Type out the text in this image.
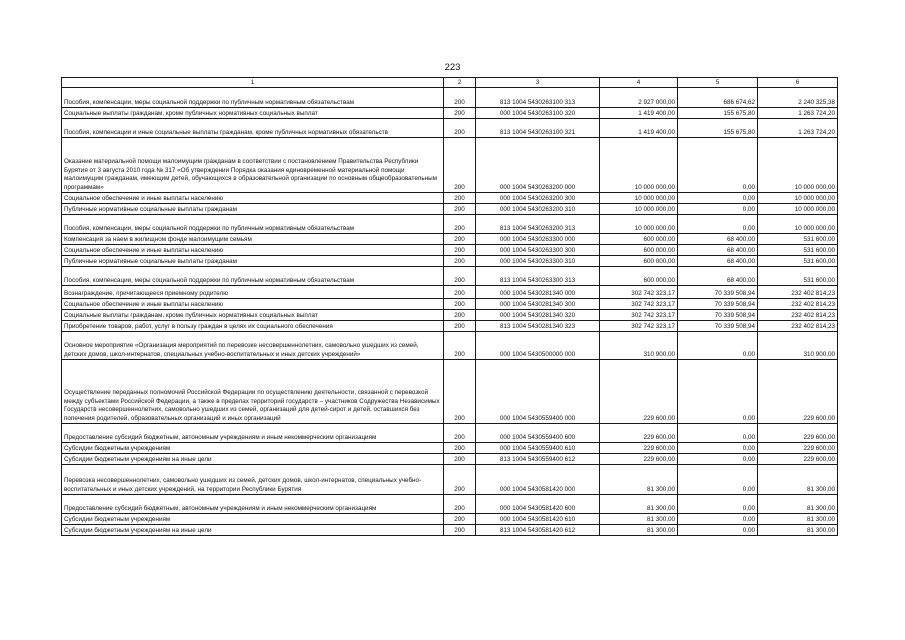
223
1	2	3	4	5	6

Пособия, компенсации, меры социальной поддержки по публичным нормативным обязательствам	200	813 1004 5430263100 313	2 927 000,00	686 674,62	2 240 325,38

Социальные выплаты гражданам, кроме публичных нормативных социальных выплат	200	000 1004 5430263100 320	1 419 400,00	155 675,80	1 263 724,20

Пособия, компенсации и иные социальные выплаты гражданам, кроме публичных нормативных обязательств	200	813 1004 5430263100 321	1 419 400,00	155 675,80	1 263 724,20

Оказание материальной помощи малоимущим гражданам в соответствии с постановлением Правительства Республики Бурятия от 3 августа 2010 года № 317 «Об утверждении Порядка оказания единовременной материальной помощи малоимущим гражданам, имеющим детей, обучающихся в образовательной организации по основным общеобразовательным программам»	200	000 1004 5430263200 000	10 000 000,00	0,00	10 000 000,00

Социальное обеспечение и иные выплаты населению	200	000 1004 5430263200 300	10 000 000,00	0,00	10 000 000,00

Публичные нормативные социальные выплаты гражданам	200	000 1004 5430263200 310	10 000 000,00	0,00	10 000 000,00

Пособия, компенсации, меры социальной поддержки по публичным нормативным обязательствам	200	813 1004 5430263200 313	10 000 000,00	0,00	10 000 000,00

Компенсация за наем в жилищном фонде малоимущим семьям	200	000 1004 5430263300 000	600 000,00	68 400,00	531 600,00

Социальное обеспечение и иные выплаты населению	200	000 1004 5430263300 300	600 000,00	68 400,00	531 600,00

Публичные нормативные социальные выплаты гражданам	200	000 1004 5430263300 310	600 000,00	68 400,00	531 600,00

Пособия, компенсации, меры социальной поддержки по публичным нормативным обязательствам	200	813 1004 5430263300 313	600 000,00	68 400,00	531 600,00

Вознаграждение, причитающееся приемному родителю	200	000 1004 5430281340 000	302 742 323,17	70 339 508,94	232 402 814,23

Социальное обеспечение и иные выплаты населению	200	000 1004 5430281340 300	302 742 323,17	70 339 508,94	232 402 814,23

Социальные выплаты гражданам, кроме публичных нормативных социальных выплат	200	000 1004 5430281340 320	302 742 323,17	70 339 508,94	232 402 814,23

Приобретение товаров, работ, услуг в пользу граждан в целях их социального обеспечения	200	813 1004 5430281340 323	302 742 323,17	70 339 508,94	232 402 814,23

Основное мероприятие «Организация мероприятий по перевозке несовершеннолетних, самовольно ушедших из семей, детских домов, школ-интернатов, специальных учебно-воспитательных и иных детских учреждений»	200	000 1004 5430500000 000	310 900,00	0,00	310 900,00

Осуществление переданных полномочий Российской Федерации по осуществлению деятельности, связанной с перевозкой между субъектами Российской Федерации, а также в пределах территорий государств – участников Содружества Независимых Государств несовершеннолетних, самовольно ушедших из семей, организаций для детей-сирот и детей, оставшихся без попечения родителей, образовательных организаций и иных организаций	200	000 1004 5430559400 000	229 600,00	0,00	229 600,00

Предоставление субсидий бюджетным, автономным учреждениям и иным некоммерческим организациям	200	000 1004 5430559400 600	229 600,00	0,00	229 600,00

Субсидии бюджетным учреждениям	200	000 1004 5430559400 610	229 600,00	0,00	229 600,00

Субсидии бюджетным учреждениям на иные цели	200	813 1004 5430559400 612	229 600,00	0,00	229 600,00

Перевозка несовершеннолетних, самовольно ушедших из семей, детских домов, школ-интернатов, специальных учебно-воспитательных и иных детских учреждений, на территории Республики Бурятия	200	000 1004 5430581420 000	81 300,00	0,00	81 300,00

Предоставление субсидий бюджетным, автономным учреждениям и иным некоммерческим организациям	200	000 1004 5430581420 600	81 300,00	0,00	81 300,00

Субсидии бюджетным учреждениям	200	000 1004 5430581420 610	81 300,00	0,00	81 300,00

Субсидии бюджетным учреждениям на иные цели	200	813 1004 5430581420 612	81 300,00	0,00	81 300,00
